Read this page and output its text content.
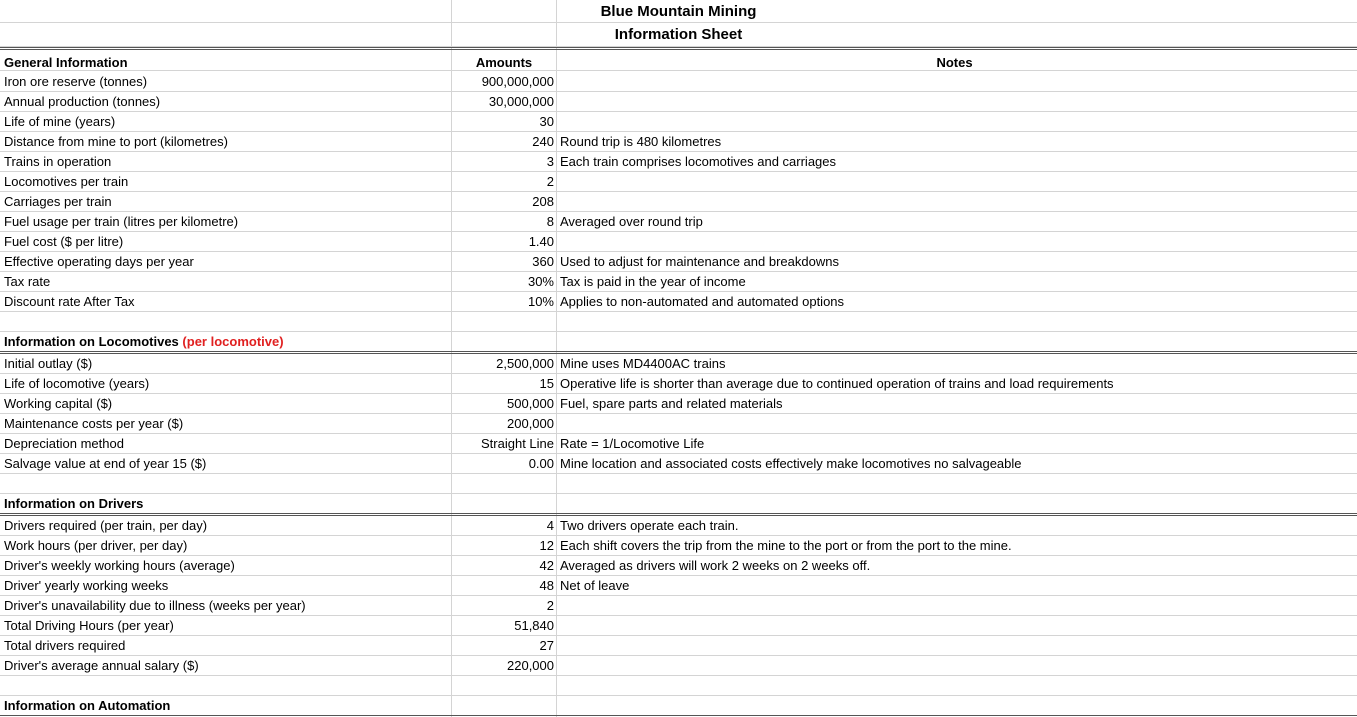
Blue Mountain Mining
Information Sheet
General Information	Amounts	Notes
Iron ore reserve (tonnes)	900,000,000
Annual production (tonnes)	30,000,000
Life of mine (years)	30
Distance from mine to port (kilometres)	240 Round trip is 480 kilometres
Trains in operation	3 Each train comprises locomotives and carriages
Locomotives per train	2
Carriages per train	208
Fuel usage per train (litres per kilometre)	8 Averaged over round trip
Fuel cost ($ per litre)	1.40
Effective operating days per year	360 Used to adjust for maintenance and breakdowns
Tax rate	30% Tax is paid in the year of income
Discount rate After Tax	10% Applies to non-automated and automated options
Information on Locomotives (per locomotive)
Initial outlay ($)	2,500,000 Mine uses MD4400AC trains
Life of locomotive (years)	15 Operative life is shorter than average due to continued operation of trains and load requirements
Working capital ($)	500,000 Fuel, spare parts and related materials
Maintenance costs per year ($)	200,000
Depreciation method	Straight Line Rate = 1/Locomotive Life
Salvage value at end of year 15 ($)	0.00 Mine location and associated costs effectively make locomotives no salvageable
Information on Drivers
Drivers required (per train, per day)	4 Two drivers operate each train.
Work hours (per driver, per day)	12 Each shift covers the trip from the mine to the port or from the port to the mine.
Driver's weekly working hours (average)	42 Averaged as drivers will work 2 weeks on 2 weeks off.
Driver' yearly working weeks	48 Net of leave
Driver's unavailability due to illness (weeks per year)	2
Total Driving Hours (per year)	51,840
Total drivers required	27
Driver's average annual salary ($)	220,000
Information on Automation
